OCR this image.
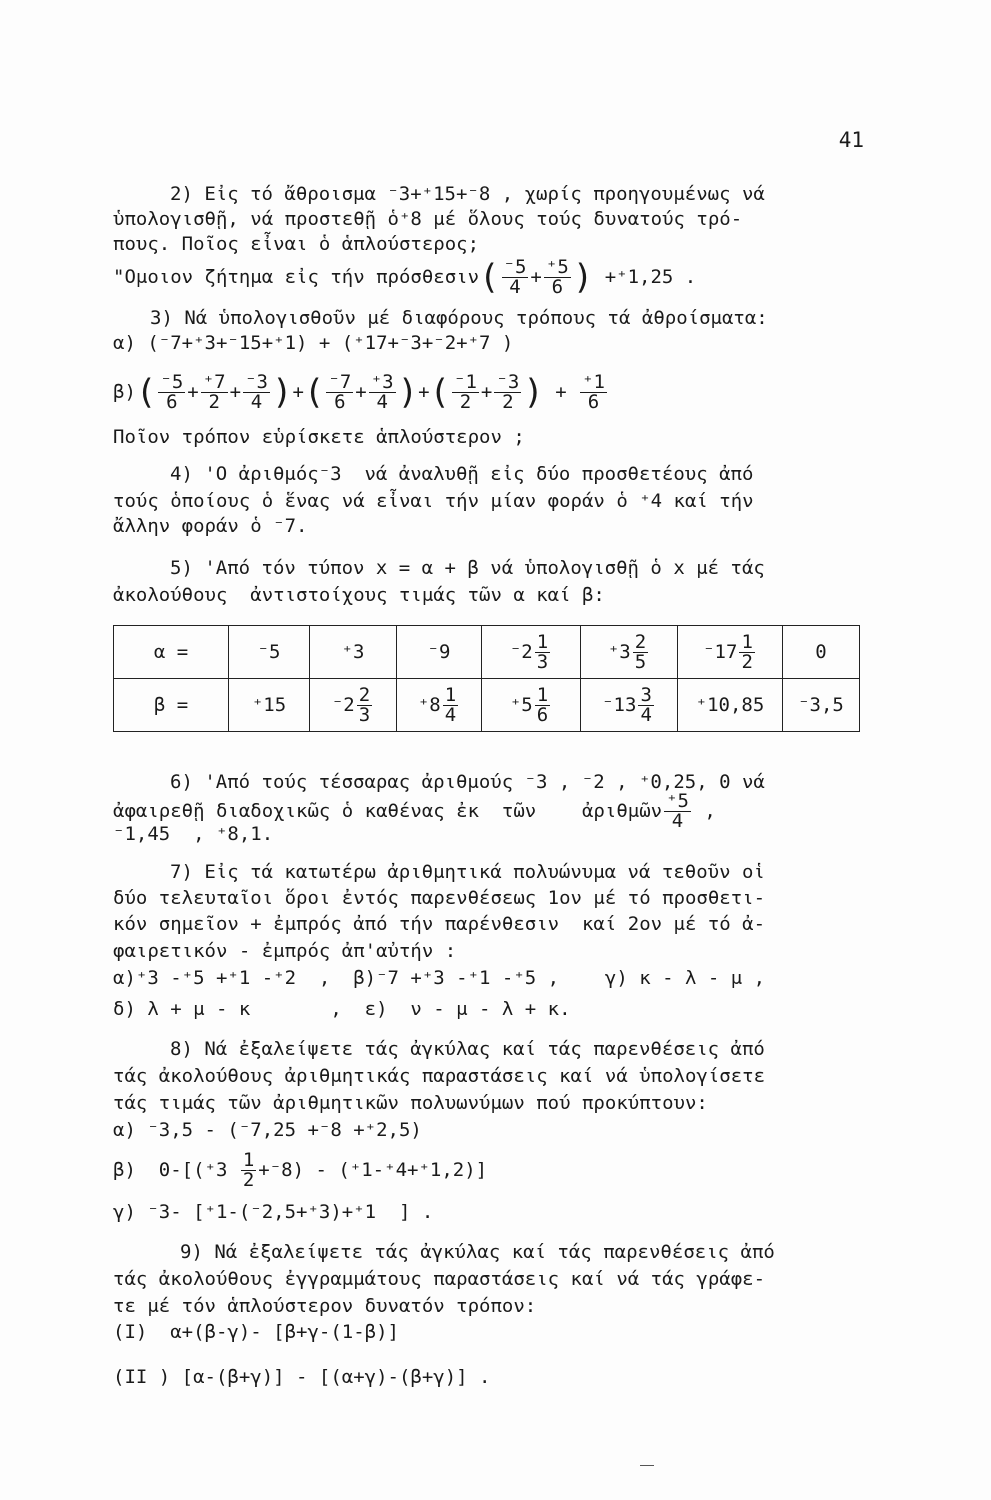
41
2) Εἰς τό ἄθροισμα ⁻3+⁺15+⁻8 , χωρίς προηγουμένως νά
ὑπολογισθῇ, νά προστεθῇ ὁ⁺8 μέ ὅλους τούς δυνατούς τρό-
πους. Ποῖος εἶναι ὁ ἁπλούστερος;
"Ομοιον ζήτημα εἰς τήν $\pi\rho ό\sigma\theta\varepsilon\sigma\iota\nu( \frac{^-5}{4} + \frac{^+5}{6}$ ) +⁺1,25 .
3) Νά ὑπολογισθοῦν μέ διαφόρους τρόπους τά ἀθροίσματα:
α) (⁻7+⁺3+⁻15+⁺1) + (⁺17+⁻3+⁻2+⁺7 )
$\beta)( \frac{^-5}{6} + \frac{^+7}{2} + \frac{^-3}{4}$ )+( $\frac{^-7}{6} + \frac{^+3}{4}$ )+( $\frac{^-1}{2} + \frac{^-3}{2}$ ) + $\frac{^+1}{6}$
Ποῖον τρόπον εὑρίσκετε ἁπλούστερον ;
4) 'Ο ἀριθμός⁻3  νά ἀναλυθῇ εἰς δύο προσθετέους ἀπό
τούς ὁποίους ὁ ἕνας νά εἶναι τήν μίαν φοράν ὁ ⁺4 καί τήν
ἄλλην φοράν ὁ ⁻7.
5) 'Από τόν τύπον x = α + β νά ὑπολογισθῇ ὁ x μέ τάς
ἀκολούθους  ἀντιστοίχους τιμάς τῶν α καί β:
α =	⁻5	⁺3	⁻9	$^-2 \frac{1}{3}$	$^+3 \frac{2}{5}$	$^-17 \frac{1}{2}$	0
β =	⁺15	$^-2 \frac{2}{3}$	$^+8 \frac{1}{4}$	$^+5 \frac{1}{6}$	$^-13 \frac{3}{4}$	⁺10,85	⁻3,5
6) 'Από τούς τέσσαρας ἀριθμούς ⁻3 , ⁻2 , ⁺0,25, 0 νά
ἀφαιρεθῇ διαδοχικῶς ὁ καθένας ἐκ  τῶν    ἀριθμῶν $\frac{^+5}{4}$ ,
⁻1,45  , ⁺8,1.
7) Εἰς τά κατωτέρω ἀριθμητικά πολυώνυμα νά τεθοῦν οἱ
δύο τελευταῖοι ὅροι ἐντός παρενθέσεως 1ον μέ τό προσθετι-
κόν σημεῖον + ἐμπρός ἀπό τήν παρένθεσιν  καί 2ον μέ τό ἀ-
φαιρετικόν - ἐμπρός ἀπ'αὐτήν :
α)⁺3 -⁺5 +⁺1 -⁺2  ,  β)⁻7 +⁺3 -⁺1 -⁺5 ,    γ) κ - λ - μ ,
δ) λ + μ - κ       ,  ε)  ν - μ - λ + κ.
8) Νά ἐξαλείψετε τάς ἀγκύλας καί τάς παρενθέσεις ἀπό
τάς ἀκολούθους ἀριθμητικάς παραστάσεις καί νά ὑπολογίσετε
τάς τιμάς τῶν ἀριθμητικῶν πολυωνύμων πού προκύπτουν:
α) ⁻3,5 - (⁻7,25 +⁻8 +⁺2,5)
β)  $0-[(^+3 \frac{1}{2} +^-8) - (^+1-^+4+^+1,2)]$
γ) ⁻3- [⁺1-(⁻2,5+⁺3)+⁺1  ] .
9) Νά ἐξαλείψετε τάς ἀγκύλας καί τάς παρενθέσεις ἀπό
τάς ἀκολούθους ἐγγραμμάτους παραστάσεις καί νά τάς γράφε-
τε μέ τόν ἁπλούστερον δυνατόν τρόπον:
(I)  α+(β-γ)- [β+γ-(1-β)]
(II ) [α-(β+γ)] - [(α+γ)-(β+γ)] .
